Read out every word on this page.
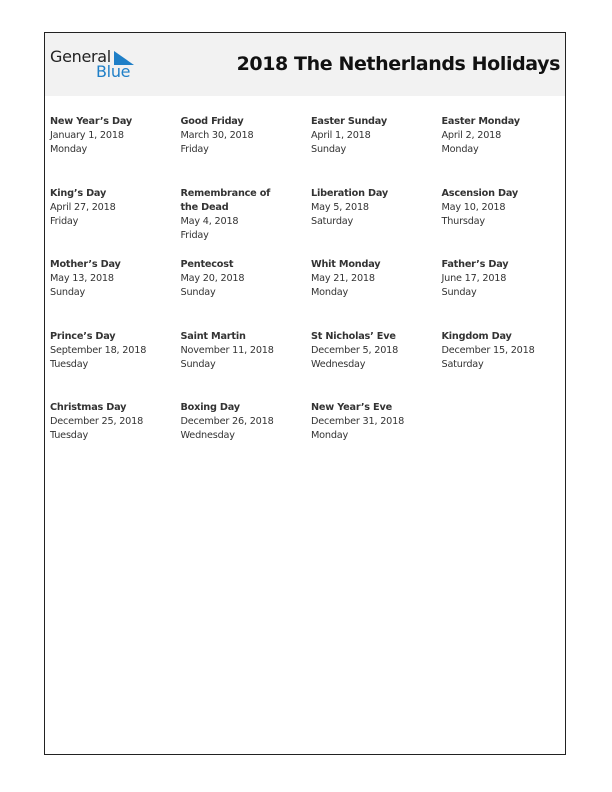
General
Blue	2018 The Netherlands Holidays
New Year’s Day
January 1, 2018
Monday
Good Friday
March 30, 2018
Friday
Easter Sunday
April 1, 2018
Sunday
Easter Monday
April 2, 2018
Monday
King’s Day
April 27, 2018
Friday
Remembrance of the Dead
May 4, 2018
Friday
Liberation Day
May 5, 2018
Saturday
Ascension Day
May 10, 2018
Thursday
Mother’s Day
May 13, 2018
Sunday
Pentecost
May 20, 2018
Sunday
Whit Monday
May 21, 2018
Monday
Father’s Day
June 17, 2018
Sunday
Prince’s Day
September 18, 2018
Tuesday
Saint Martin
November 11, 2018
Sunday
St Nicholas’ Eve
December 5, 2018
Wednesday
Kingdom Day
December 15, 2018
Saturday
Christmas Day
December 25, 2018
Tuesday
Boxing Day
December 26, 2018
Wednesday
New Year’s Eve
December 31, 2018
Monday
